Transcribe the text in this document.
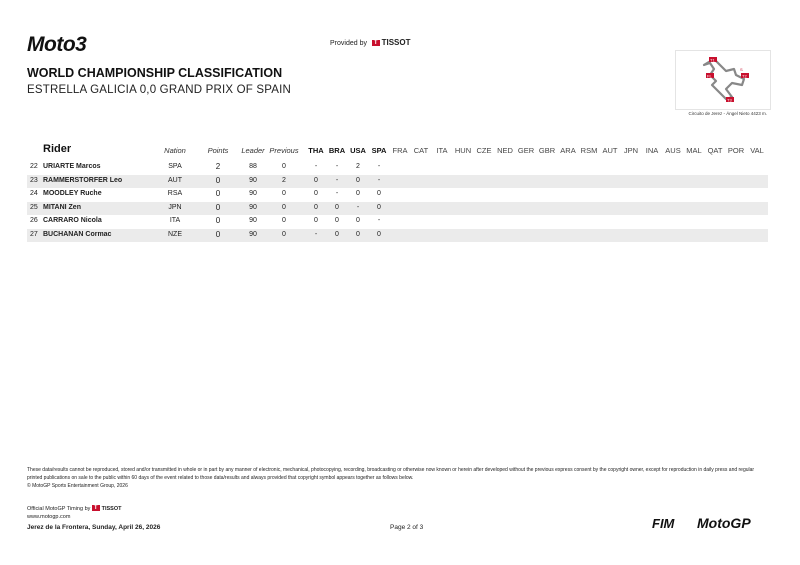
Moto3	Provided by T TISSOT
WORLD CHAMPIONSHIP CLASSIFICATION
ESTRELLA GALICIA 0,0 GRAND PRIX OF SPAIN
T1
FL	T2
T3
S
Circuito de Jerez - Ángel Nieto 4423 m.
Rider	Nation	Points	Leader Previous	THA BRA USA SPA FRA CAT	ITA HUN CZE NED GER GBR ARA RSM AUT JPN	INA AUS MAL QAT POR VAL
22 URIARTE Marcos	SPA	2	88	0	-	-	2	-
23 RAMMERSTORFER Leo	AUT	0	90	2	0	-	0	-
24 MOODLEY Ruche	RSA	0	90	0	0	-	0	0
25 MITANI Zen	JPN	0	90	0	0	0	-	0
26 CARRARO Nicola	ITA	0	90	0	0	0	0	-
27 BUCHANAN Cormac	NZE	0	90	0	-	0	0	0
These data/results cannot be reproduced, stored and/or transmitted in whole or in part by any manner of electronic, mechanical, photocopying, recording, broadcasting or otherwise now known or herein after developed without the previous express consent by the copyright owner, except for reproduction in daily press and regular printed publications on sale to the public within 60 days of the event related to those data/results and always provided that copyright symbol appears together as follows below.
© MotoGP Sports Entertainment Group, 2026
Official MotoGP Timing by T TISSOT
www.motogp.com
Jerez de la Frontera, Sunday, April 26, 2026	Page 2 of 3	FIM MotoGP
